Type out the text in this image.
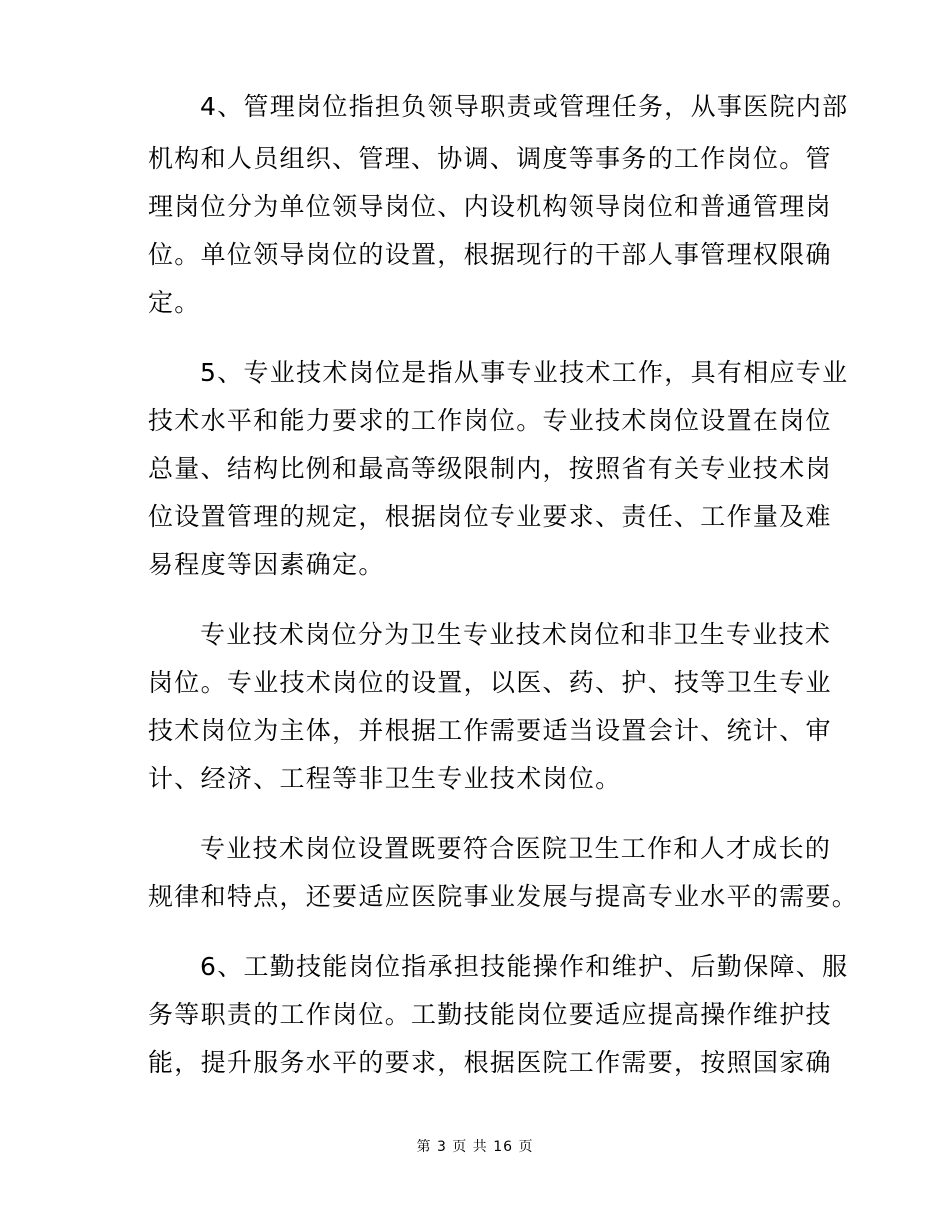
4、管理岗位指担负领导职责或管理任务，从事医院内部
机构和人员组织、管理、协调、调度等事务的工作岗位。管
理岗位分为单位领导岗位、内设机构领导岗位和普通管理岗
位。单位领导岗位的设置，根据现行的干部人事管理权限确
定。
5、专业技术岗位是指从事专业技术工作，具有相应专业
技术水平和能力要求的工作岗位。专业技术岗位设置在岗位
总量、结构比例和最高等级限制内，按照省有关专业技术岗
位设置管理的规定，根据岗位专业要求、责任、工作量及难
易程度等因素确定。
专业技术岗位分为卫生专业技术岗位和非卫生专业技术
岗位。专业技术岗位的设置，以医、药、护、技等卫生专业
技术岗位为主体，并根据工作需要适当设置会计、统计、审
计、经济、工程等非卫生专业技术岗位。
专业技术岗位设置既要符合医院卫生工作和人才成长的
规律和特点，还要适应医院事业发展与提高专业水平的需要。
6、工勤技能岗位指承担技能操作和维护、后勤保障、服
务等职责的工作岗位。工勤技能岗位要适应提高操作维护技
能，提升服务水平的要求，根据医院工作需要，按照国家确
第 3 页 共 16 页
